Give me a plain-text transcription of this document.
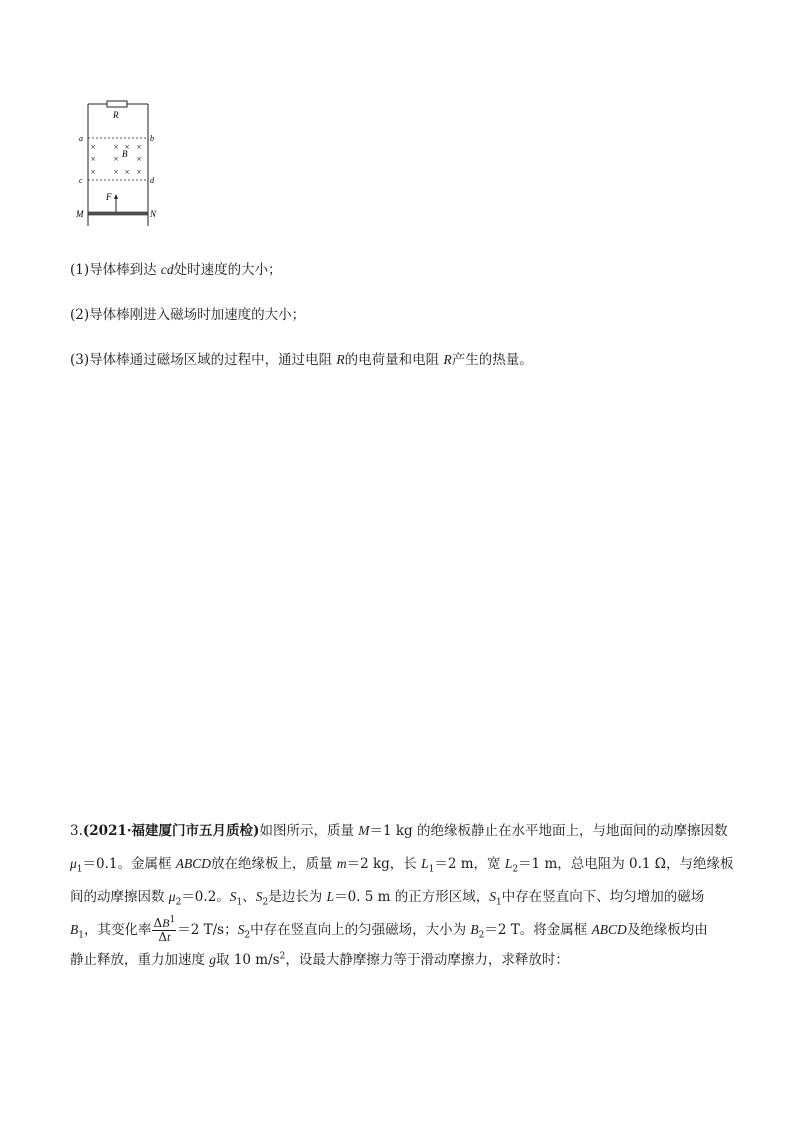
R
a	b
c	d
× × × ×
× × ×
× × × ×
B
F
M	N
(1)导体棒到达 cd处时速度的大小；
(2)导体棒刚进入磁场时加速度的大小；
(3)导体棒通过磁场区域的过程中，通过电阻 R的电荷量和电阻 R产生的热量。
3.(2021·福建厦门市五月质检)如图所示，质量 M＝1 kg 的绝缘板静止在水平地面上，与地面间的动摩擦因数
$\mu_1=0.1$。金属框 ABCD放在绝缘板上，质量 m＝2 kg，长 $L_1=2$ m，宽 $L_2=1$ m，总电阻为 0.1 Ω，与绝缘板
间的动摩擦因数 $\mu_2=0.2$。$S_1$、$S_2$是边长为 L＝0. 5 m 的正方形区域，$S_1$中存在竖直向下、均匀增加的磁场
$B_1$，其变化率 $\frac{\Delta B^1}{\Delta t} =2$ T/s；$S_2$中存在竖直向上的匀强磁场，大小为 $B_2=2$ T。将金属框 ABCD及绝缘板均由
静止释放，重力加速度 g取 10 $m/s^2$，设最大静摩擦力等于滑动摩擦力，求释放时：
